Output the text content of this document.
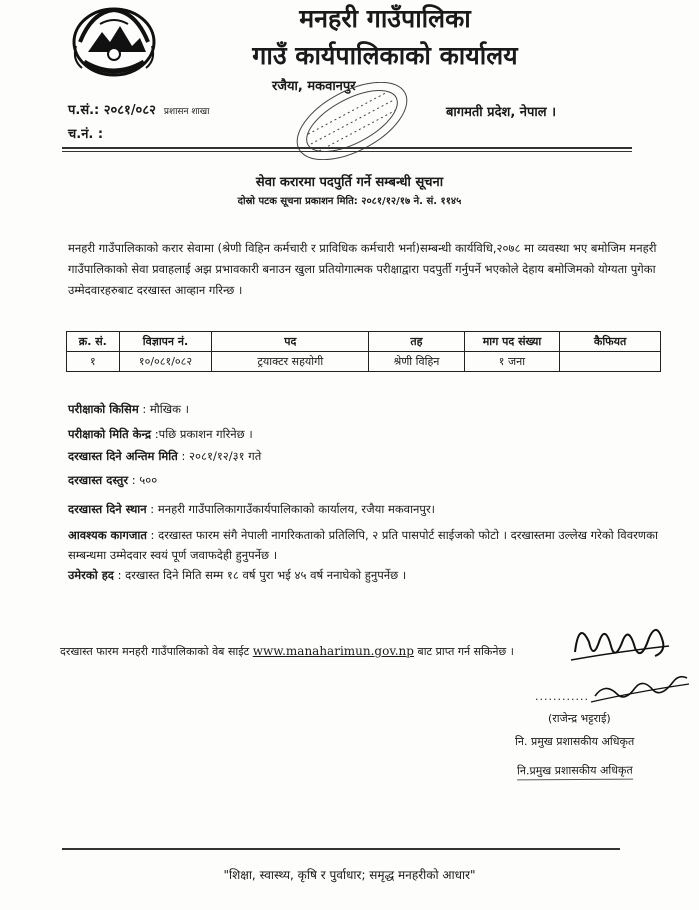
मनहरी गाउँपालिका
गाउँ कार्यपालिकाको कार्यालय
रजैया, मकवानपुर
प.सं.: २०८१/०८२ प्रशासन शाखा
च.नं. :
बागमती प्रदेश, नेपाल ।
सेवा करारमा पदपुर्ति गर्ने सम्बन्धी सूचना
दोस्रो पटक सूचना प्रकाशन मिति: २०८१/१२/१७ ने. सं. ११४५

मनहरी गाउँपालिकाको करार सेवामा (श्रेणी विहिन कर्मचारी र प्राविधिक कर्मचारी भर्ना)सम्बन्धी कार्यविधि,२०७८ मा व्यवस्था भए बमोजिम मनहरी गाउँपालिकाको सेवा प्रवाहलाई अझ प्रभावकारी बनाउन खुला प्रतियोगात्मक परीक्षाद्वारा पदपुर्ती गर्नुपर्ने भएकोले देहाय बमोजिमको योग्यता पुगेका उम्मेदवारहरुबाट दरखास्त आव्हान गरिन्छ ।

क्र. सं.	विज्ञापन नं.	पद	तह	माग पद संख्या	कैफियत
१	१०/०८१/०८२	ट्रयाक्टर सहयोगी	श्रेणी विहिन	१ जना	

परीक्षाको किसिम : मौखिक ।

परीक्षाको मिति केन्द्र :पछि प्रकाशन गरिनेछ ।

दरखास्त दिने अन्तिम मिति : २०८१/१२/३१ गते

दरखास्त दस्तुर : ५००

दरखास्त दिने स्थान : मनहरी गाउँपालिकागाउँकार्यपालिकाको कार्यालय, रजैया मकवानपुर।

आवश्यक कागजात : दरखास्त फारम संगै नेपाली नागरिकताको प्रतिलिपि, २ प्रति पासपोर्ट साईजको फोटो । दरखास्तमा उल्लेख गरेको विवरणका सम्बन्धमा उम्मेदवार स्वयं पूर्ण जवाफदेही हुनुपर्नेछ ।
उमेरको हद : दरखास्त दिने मिति सम्म १८ वर्ष पुरा भई ४५ वर्ष ननाघेको हुनुपर्नेछ ।
दरखास्त फारम मनहरी गाउँपालिकाको वेब साईट www.manaharimun.gov.np बाट प्राप्त गर्न सकिनेछ ।
............
(राजेन्द्र भट्टराई)
नि. प्रमुख प्रशासकीय अधिकृत
नि.प्रमुख प्रशासकीय अधिकृत
"शिक्षा, स्वास्थ्य, कृषि र पुर्वाधार; समृद्ध मनहरीको आधार"
